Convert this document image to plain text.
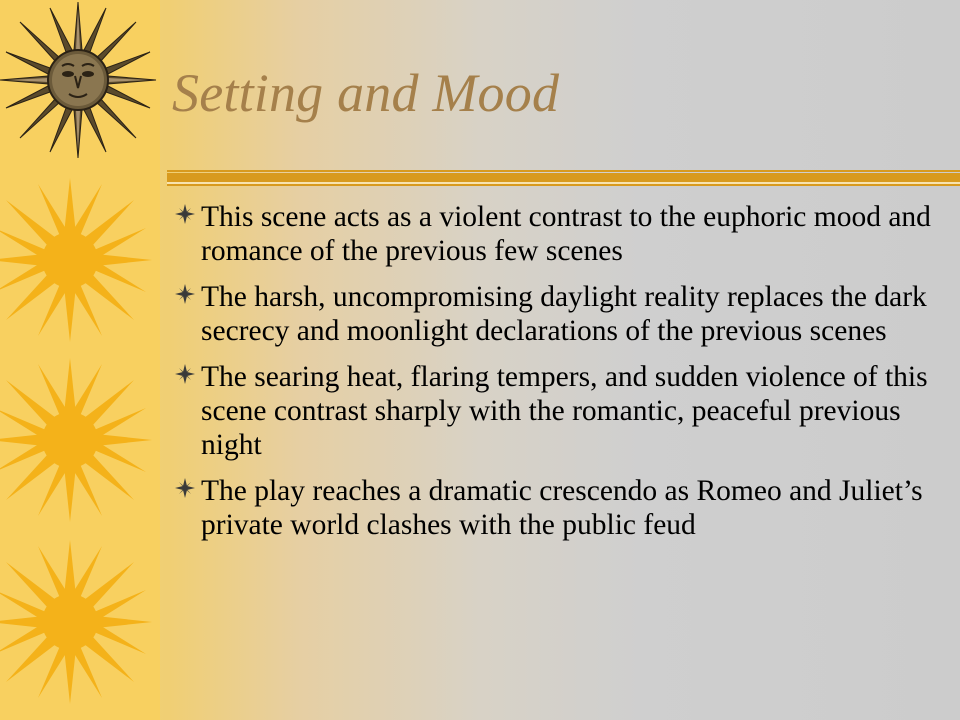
Setting and Mood
This scene acts as a violent contrast to the euphoric mood and romance of the previous few scenes
The harsh, uncompromising daylight reality replaces the dark secrecy and moonlight declarations of the previous scenes
The searing heat, flaring tempers, and sudden violence of this scene contrast sharply with the romantic, peaceful previous night
The play reaches a dramatic crescendo as Romeo and Juliet’s private world clashes with the public feud
